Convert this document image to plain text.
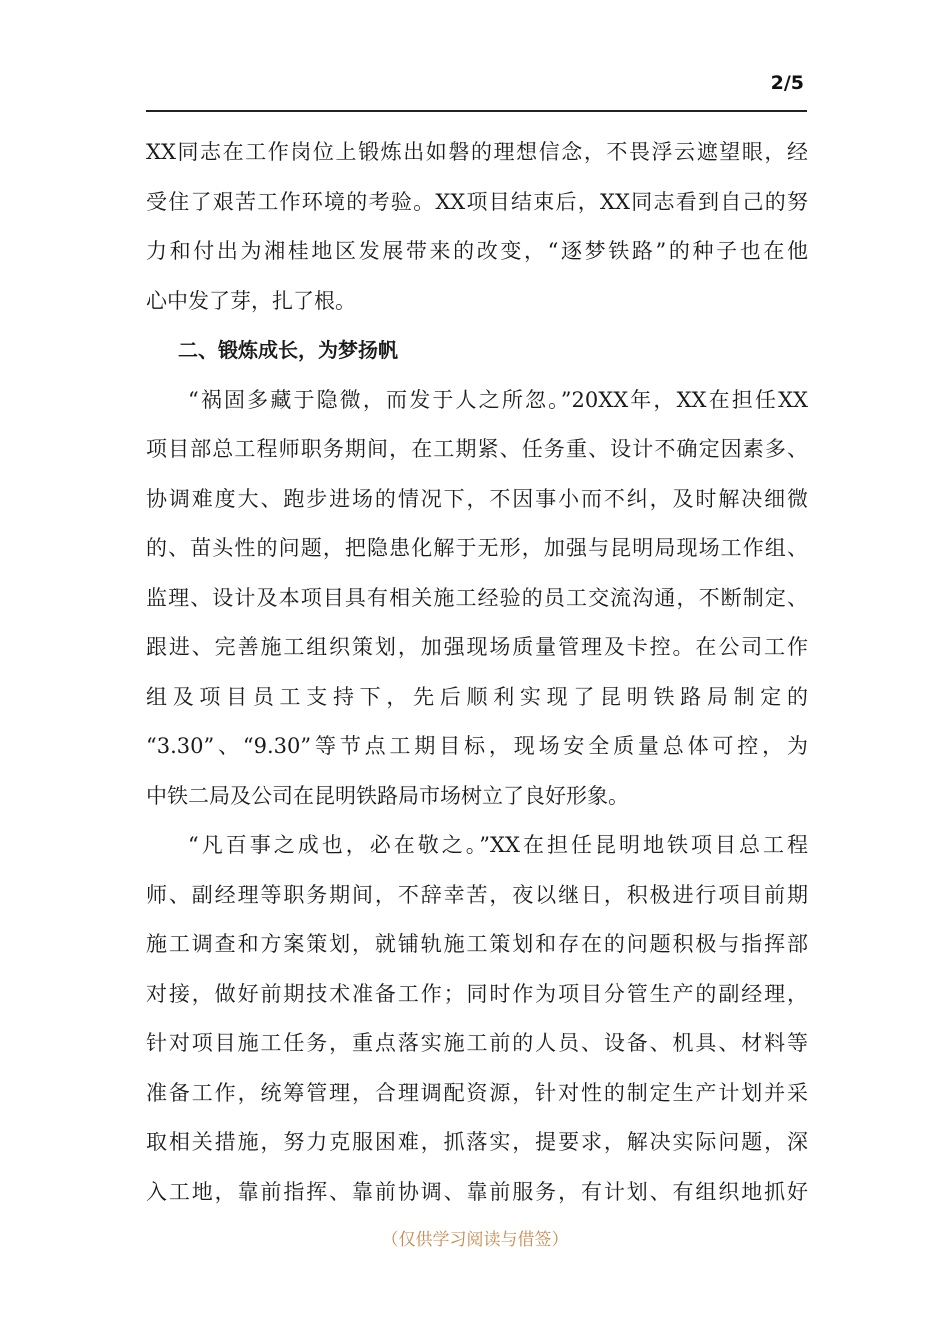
2/5

XX同志在工作岗位上锻炼出如磐的理想信念，不畏浮云遮望眼，经
受住了艰苦工作环境的考验。XX项目结束后，XX同志看到自己的努
力和付出为湘桂地区发展带来的改变，“逐梦铁路”的种子也在他
心中发了芽，扎了根。

二、锻炼成长，为梦扬帆

“祸固多藏于隐微，而发于人之所忽。”20XX年，XX在担任XX
项目部总工程师职务期间，在工期紧、任务重、设计不确定因素多、
协调难度大、跑步进场的情况下，不因事小而不纠，及时解决细微
的、苗头性的问题，把隐患化解于无形，加强与昆明局现场工作组、
监理、设计及本项目具有相关施工经验的员工交流沟通，不断制定、
跟进、完善施工组织策划，加强现场质量管理及卡控。在公司工作
组及项目员工支持下，先后顺利实现了昆明铁路局制定的
“3.30”、“9.30”等节点工期目标，现场安全质量总体可控，为
中铁二局及公司在昆明铁路局市场树立了良好形象。

“凡百事之成也，必在敬之。”XX在担任昆明地铁项目总工程
师、副经理等职务期间，不辞幸苦，夜以继日，积极进行项目前期
施工调查和方案策划，就铺轨施工策划和存在的问题积极与指挥部
对接，做好前期技术准备工作；同时作为项目分管生产的副经理，
针对项目施工任务，重点落实施工前的人员、设备、机具、材料等
准备工作，统筹管理，合理调配资源，针对性的制定生产计划并采
取相关措施，努力克服困难，抓落实，提要求，解决实际问题，深
入工地，靠前指挥、靠前协调、靠前服务，有计划、有组织地抓好

（仅供学习阅读与借签）
